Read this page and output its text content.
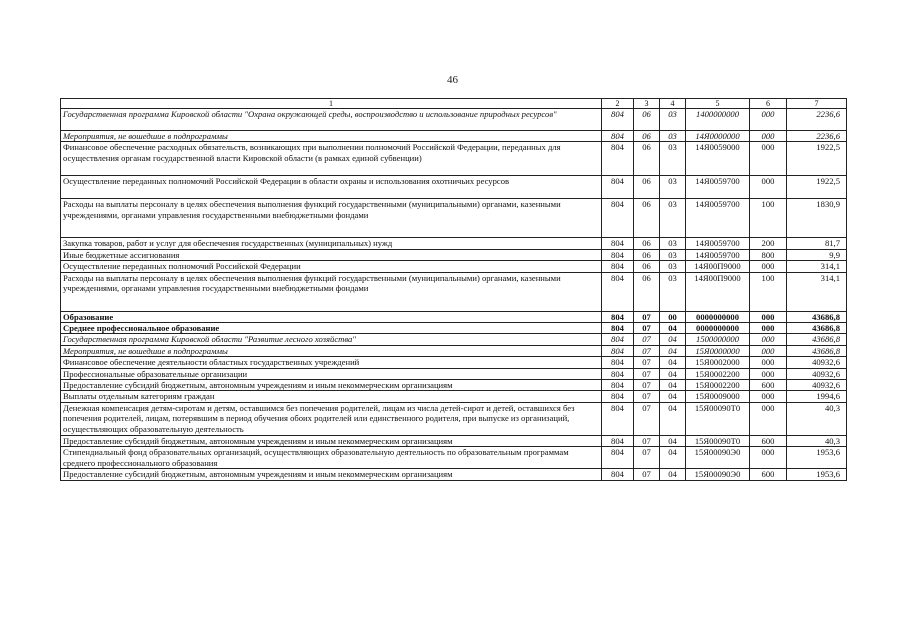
46
1	2	3	4	5	6	7
Государственная программа Кировской области "Охрана окружающей среды, воспроизводство и использование природных ресурсов"	804	06	03	1400000000	000	2236,6
Мероприятия, не вошедшие в подпрограммы	804	06	03	14Я0000000	000	2236,6
Финансовое обеспечение расходных обязательств, возникающих при выполнении полномочий Российской Федерации, переданных для осуществления органам государственной власти Кировской области (в рамках единой субвенции)	804	06	03	14Я0059000	000	1922,5
Осуществление переданных полномочий Российской Федерации в области охраны и использования охотничьих ресурсов	804	06	03	14Я0059700	000	1922,5
Расходы на выплаты персоналу в целях обеспечения выполнения функций государственными (муниципальными) органами, казенными учреждениями, органами управления государственными внебюджетными фондами	804	06	03	14Я0059700	100	1830,9
Закупка товаров, работ и услуг для обеспечения государственных (муниципальных) нужд	804	06	03	14Я0059700	200	81,7
Иные бюджетные ассигнования	804	06	03	14Я0059700	800	9,9
Осуществление переданных полномочий Российской Федерации	804	06	03	14Я00П9000	000	314,1
Расходы на выплаты персоналу в целях обеспечения выполнения функций государственными (муниципальными) органами, казенными учреждениями, органами управления государственными внебюджетными фондами	804	06	03	14Я00П9000	100	314,1
Образование	804	07	00	0000000000	000	43686,8
Среднее профессиональное образование	804	07	04	0000000000	000	43686,8
Государственная программа Кировской области "Развитие лесного хозяйства"	804	07	04	1500000000	000	43686,8
Мероприятия, не вошедшие в подпрограммы	804	07	04	15Я0000000	000	43686,8
Финансовое обеспечение деятельности областных государственных учреждений	804	07	04	15Я0002000	000	40932,6
Профессиональные образовательные организации	804	07	04	15Я0002200	000	40932,6
Предоставление субсидий бюджетным, автономным учреждениям и иным некоммерческим организациям	804	07	04	15Я0002200	600	40932,6
Выплаты отдельным категориям граждан	804	07	04	15Я0009000	000	1994,6
Денежная компенсация детям-сиротам и детям, оставшимся без попечения родителей, лицам из числа детей-сирот и детей, оставшихся без попечения родителей, лицам, потерявшим в период обучения обоих родителей или единственного родителя, при выпуске из организаций, осуществляющих образовательную деятельность	804	07	04	15Я00090Т0	000	40,3
Предоставление субсидий бюджетным, автономным учреждениям и иным некоммерческим организациям	804	07	04	15Я00090Т0	600	40,3
Стипендиальный фонд образовательных организаций, осуществляющих образовательную деятельность по образовательным программам среднего профессионального образования	804	07	04	15Я00090Э0	000	1953,6
Предоставление субсидий бюджетным, автономным учреждениям и иным некоммерческим организациям	804	07	04	15Я00090Э0	600	1953,6
